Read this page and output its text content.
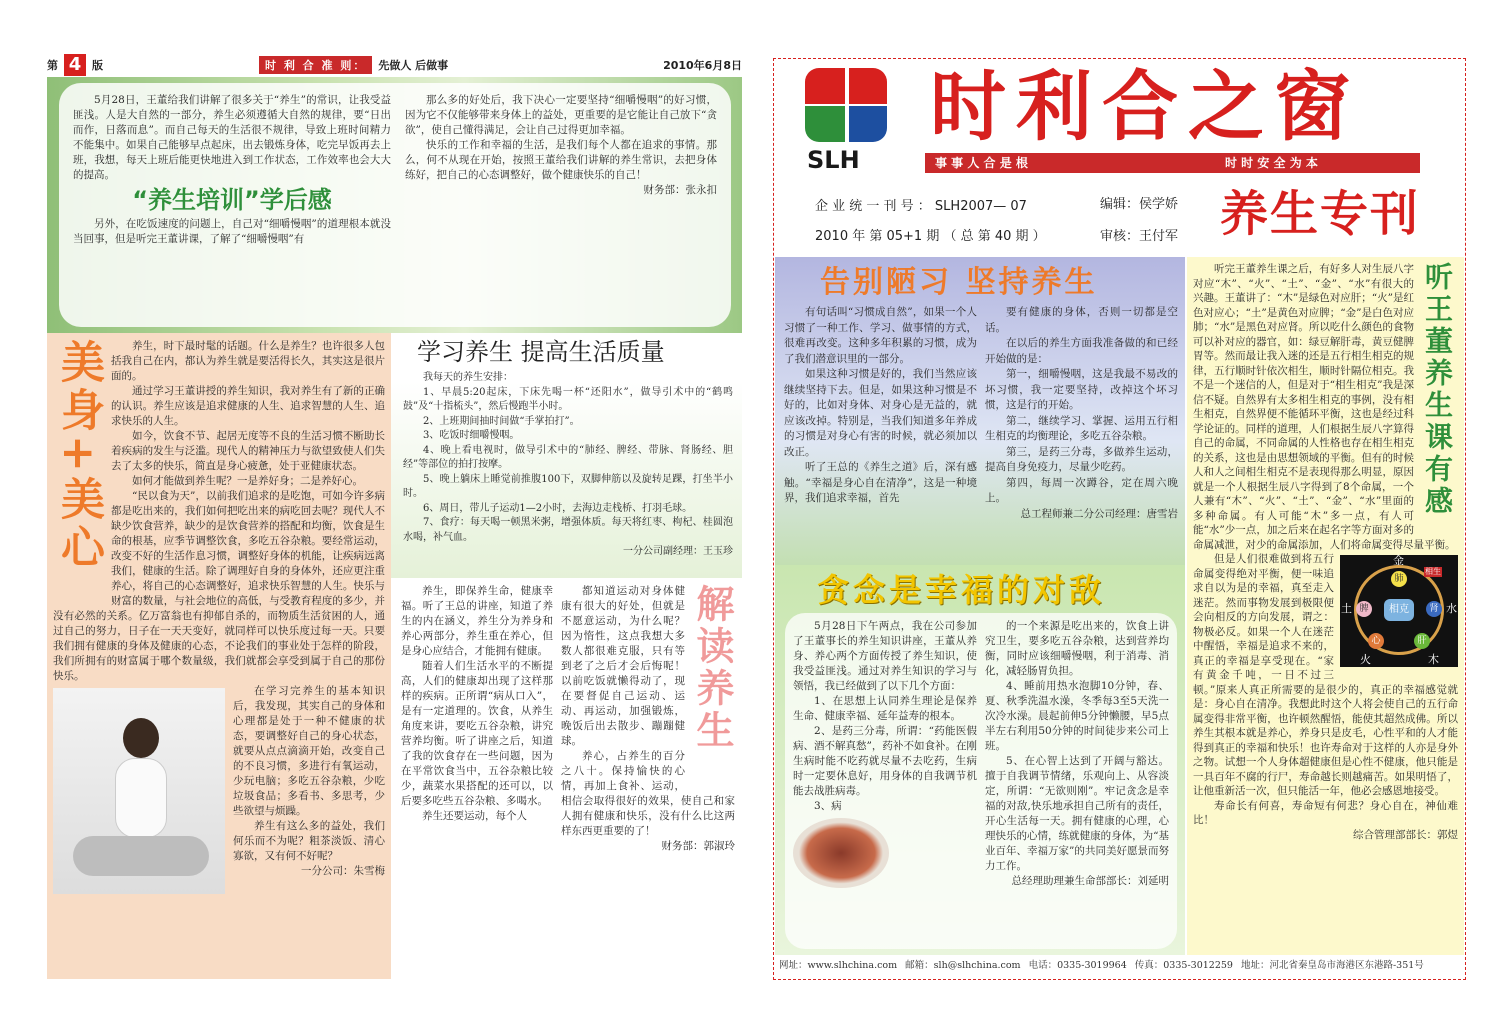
第 4 版	时 利 合 准 则：	先做人 后做事	2010年6月8日

5月28日，王董给我们讲解了很多关于“养生”的常识，让我受益匪浅。人是大自然的一部分，养生必须遵循大自然的规律，要“日出而作，日落而息”。而自己每天的生活很不规律，导致上班时间精力不能集中。如果自己能够早点起床，出去锻炼身体，吃完早饭再去上班，我想，每天上班后能更快地进入到工作状态，工作效率也会大大的提高。

“养生培训”学后感

另外，在吃饭速度的问题上，自己对“细嚼慢咽”的道理根本就没当回事，但是听完王董讲课，了解了“细嚼慢咽”有

那么多的好处后，我下决心一定要坚持“细嚼慢咽”的好习惯，因为它不仅能够带来身体上的益处，更重要的是它能让自己放下“贪欲”，使自己懂得满足，会让自己过得更加幸福。

快乐的工作和幸福的生活，是我们每个人都在追求的事情。那么，何不从现在开始，按照王董给我们讲解的养生常识，去把身体练好，把自己的心态调整好，做个健康快乐的自己！

财务部：张永扣
美身+美心	养生，时下最时髦的话题。什么是养生？也许很多人包括我自己在内，都认为养生就是要活得长久，其实这是很片面的。

通过学习王董讲授的养生知识，我对养生有了新的正确的认识。养生应该是追求健康的人生、追求智慧的人生、追求快乐的人生。

如今，饮食不节、起居无度等不良的生活习惯不断助长着疾病的发生与泛滥。现代人的精神压力与欲望致使人们失去了太多的快乐，简直是身心疲惫，处于亚健康状态。

如何才能做到养生呢？一是养好身；二是养好心。

“民以食为天”，以前我们追求的是吃饱，可如今许多病都是吃出来的，我们如何把吃出来的病吃回去呢？现代人不缺少饮食营养，缺少的是饮食营养的搭配和均衡，饮食是生命的根基，应季节调整饮食，多吃五谷杂粮。要经常运动，改变不好的生活作息习惯，调整好身体的机能，让疾病远离我们，健康的生活。除了调理好自身的身体外，还应更注重养心，将自己的心态调整好，追求快乐智慧的人生。快乐与财富的数量，与社会地位的高低，与受教育程度的多少，并没有必然的关系。亿万富翁也有抑郁自杀的，而物质生活贫困的人，通过自己的努力，日子在一天天变好，就同样可以快乐度过每一天。只要我们拥有健康的身体及健康的心态，不论我们的事业处于怎样的阶段，我们所拥有的财富属于哪个数量级，我们就都会享受到属于自己的那份快乐。

在学习完养生的基本知识后，我发现，其实自己的身体和心理都是处于一种不健康的状态，要调整好自己的身心状态，就要从点点滴滴开始，改变自己的不良习惯，多进行有氧运动，少玩电脑；多吃五谷杂粮，少吃垃圾食品；多看书、多思考，少些欲望与烦躁。

养生有这么多的益处，我们何乐而不为呢？粗茶淡饭、清心寡欲，又有何不好呢？

一分公司：朱雪梅
学习养生 提高生活质量

我每天的养生安排：

1、早晨5:20起床，下床先喝一杯“还阳水”，做导引术中的“鹤鸣鼓”及“十指梳头”，然后慢跑半小时。

2、上班期间抽时间做“手掌拍打”。

3、吃饭时细嚼慢咽。

4、晚上看电视时，做导引术中的“肺经、脾经、带脉、肾肠经、胆经”等部位的拍打按摩。

5、晚上躺床上睡觉前推腹100下，双脚伸筋以及旋转足踝，打坐半小时。

6、周日，带儿子运动1—2小时，去海边走栈桥、打羽毛球。

7、食疗：每天喝一顿黑米粥，增强体质。每天将红枣、枸杞、桂圆泡水喝，补气血。

一分公司副经理：王玉珍

养生，即保养生命，健康幸福。听了王总的讲座，知道了养生的内在涵义，养生分为养身和养心两部分，养生重在养心，但是身心应结合，才能拥有健康。

随着人们生活水平的不断提高，人们的健康却出现了这样那样的疾病。正所谓“病从口入”，是有一定道理的。饮食，从养生角度来讲，要吃五谷杂粮，讲究营养均衡。听了讲座之后，知道了我的饮食存在一些问题，因为在平常饮食当中，五谷杂粮比较少，蔬菜水果搭配的还可以，以后要多吃些五谷杂粮、多喝水。

养生还要运动，每个人

解读养生

都知道运动对身体健康有很大的好处，但就是不愿意运动，为什么呢？因为惰性，这点我想大多数人都很难克服，只有等到老了之后才会后悔呢！以前吃饭就懒得动了，现在要督促自己运动、运动、再运动，加强锻炼，晚饭后出去散步、蹦蹦健球。

养心，占养生的百分之八十。保持愉快的心情，再加上食补、运动，相信会取得很好的效果，使自己和家人拥有健康和快乐，没有什么比这两样东西更重要的了！

财务部：郭淑玲
SLH
时利合之窗
事 事 人 合 是 根	时 时 安 全 为 本
企 业 统 一 刊 号 ： SLH2007— 07
2010 年 第 05+1 期 （ 总 第 40 期 ）
编辑：侯学娇
审核：王付军 养生专刊
告别陋习 坚持养生

有句话叫“习惯成自然”，如果一个人习惯了一种工作、学习、做事情的方式，很难再改变。这种多年积累的习惯，成为了我们潜意识里的一部分。

如果这种习惯是好的，我们当然应该继续坚持下去。但是，如果这种习惯是不好的，比如对身体、对身心是无益的，就应该改掉。特别是，当我们知道多年养成的习惯是对身心有害的时候，就必须加以改正。

听了王总的《养生之道》后，深有感触。“幸福是身心自在清净”，这是一种境界，我们追求幸福，首先

要有健康的身体，否则一切都是空话。

在以后的养生方面我准备做的和已经开始做的是：

第一，细嚼慢咽，这是我最不易改的坏习惯，我一定要坚持，改掉这个坏习惯，这是行的开始。

第二，继续学习、掌握、运用五行相生相克的均衡理论，多吃五谷杂粮。

第三，是药三分毒，多做养生运动，提高自身免疫力，尽量少吃药。

第四，每周一次蹲谷，定在周六晚上。

总工程师兼二分公司经理：唐雪岩
贪念是幸福的对敌

5月28日下午两点，我在公司参加了王董事长的养生知识讲座，王董从养身、养心两个方面传授了养生知识，使我受益匪浅。通过对养生知识的学习与领悟，我已经做到了以下几个方面：

1、在思想上认同养生理论是保养生命、健康幸福、延年益寿的根本。

2、是药三分毒，所谓：“药能医假病、酒不解真愁”，药补不如食补。在刚生病时能不吃药就尽量不去吃药，生病时一定要休息好，用身体的自我调节机能去战胜病毒。

3、病

的一个来源是吃出来的，饮食上讲究卫生，要多吃五谷杂粮，达到营养均衡，同时应该细嚼慢咽，利于消毒、消化，减轻肠胃负担。

4、睡前用热水泡脚10分钟，春、夏、秋季洗温水澡，冬季每3至5天洗一次冷水澡。晨起前伸5分钟懒腰，早5点半左右利用50分钟的时间徒步来公司上班。

5、在心智上达到了开阔与豁达。擅于自我调节情绪，乐观向上、从容淡定，所谓：“无欲则刚”。牢记贪念是幸福的对敌,快乐地承担自己所有的责任，开心生活每一天。拥有健康的心理，心理快乐的心情，练就健康的身体，为“基业百年、幸福万家”的共同美好愿景而努力工作。

总经理助理兼生命部部长：刘延明
听王董养生课有感

听完王董养生课之后，有好多人对生辰八字对应“木”、“火”、“土”、“金”、“水”有很大的兴趣。王董讲了：“木”是绿色对应肝；“火”是红色对应心；“土”是黄色对应脾；“金”是白色对应肺；“水”是黑色对应肾。所以吃什么颜色的食物可以补对应的器官，如：绿豆解肝毒，黄豆健脾胃等。然而最让我入迷的还是五行相生相克的规律，五行顺时针依次相生，顺时针隔位相克。我不是一个迷信的人，但是对于“相生相克”我是深信不疑。自然界有太多相生相克的事例，没有相生相克，自然界便不能循环平衡，这也是经过科学论证的。同样的道理，人们根据生辰八字算得自己的命属，不同命属的人性格也存在相生相克的关系，这也是由思想领域的平衡。但有的时候人和人之间相生相克不是表现得那么明显，原因就是一个人根据生辰八字得到了8个命属，一个人兼有“木”、“火”、“土”、“金”、“水”里面的多种命属。有人可能“木”多一点，有人可能“水”少一点，加之后来在起名字等方面对多的命属减泄，对少的命属添加，人们将命属变得尽量平衡。

相克
金
水
木
火
土
肺
肾
肝
心
脾
相生

但是人们很难做到将五行命属变得绝对平衡，便一味追求自以为是的幸福，真至走入迷茫。然而事物发展到极限便会向相反的方向发展，谓之：物极必反。如果一个人在迷茫中醒悟，幸福是追求不来的，真正的幸福是享受现在。“家有黄金千吨，一日不过三顿。”原来人真正所需要的是很少的，真正的幸福感觉就是：身心自在清净。我想此时这个人将会使自己的五行命属变得非常平衡，也许顿然醒悟，能使其超然成佛。所以养生其根本就是养心，养身只是皮毛，心性平和的人才能得到真正的幸福和快乐！也许寿命对于这样的人亦是身外之物。试想一个人身体超健康但是心性不健康，他只能是一具百年不腐的行尸，寿命越长则越痛苦。如果明悟了，让他重新活一次，但只能活一年，他必会感恩地接受。

寿命长有何喜，寿命短有何悲？身心自在，神仙难比！

综合管理部部长：郭煜
网址：www.slhchina.com 邮箱：slh@slhchina.com 电话：0335-3019964 传真：0335-3012259 地址：河北省秦皇岛市海港区东港路-351号
